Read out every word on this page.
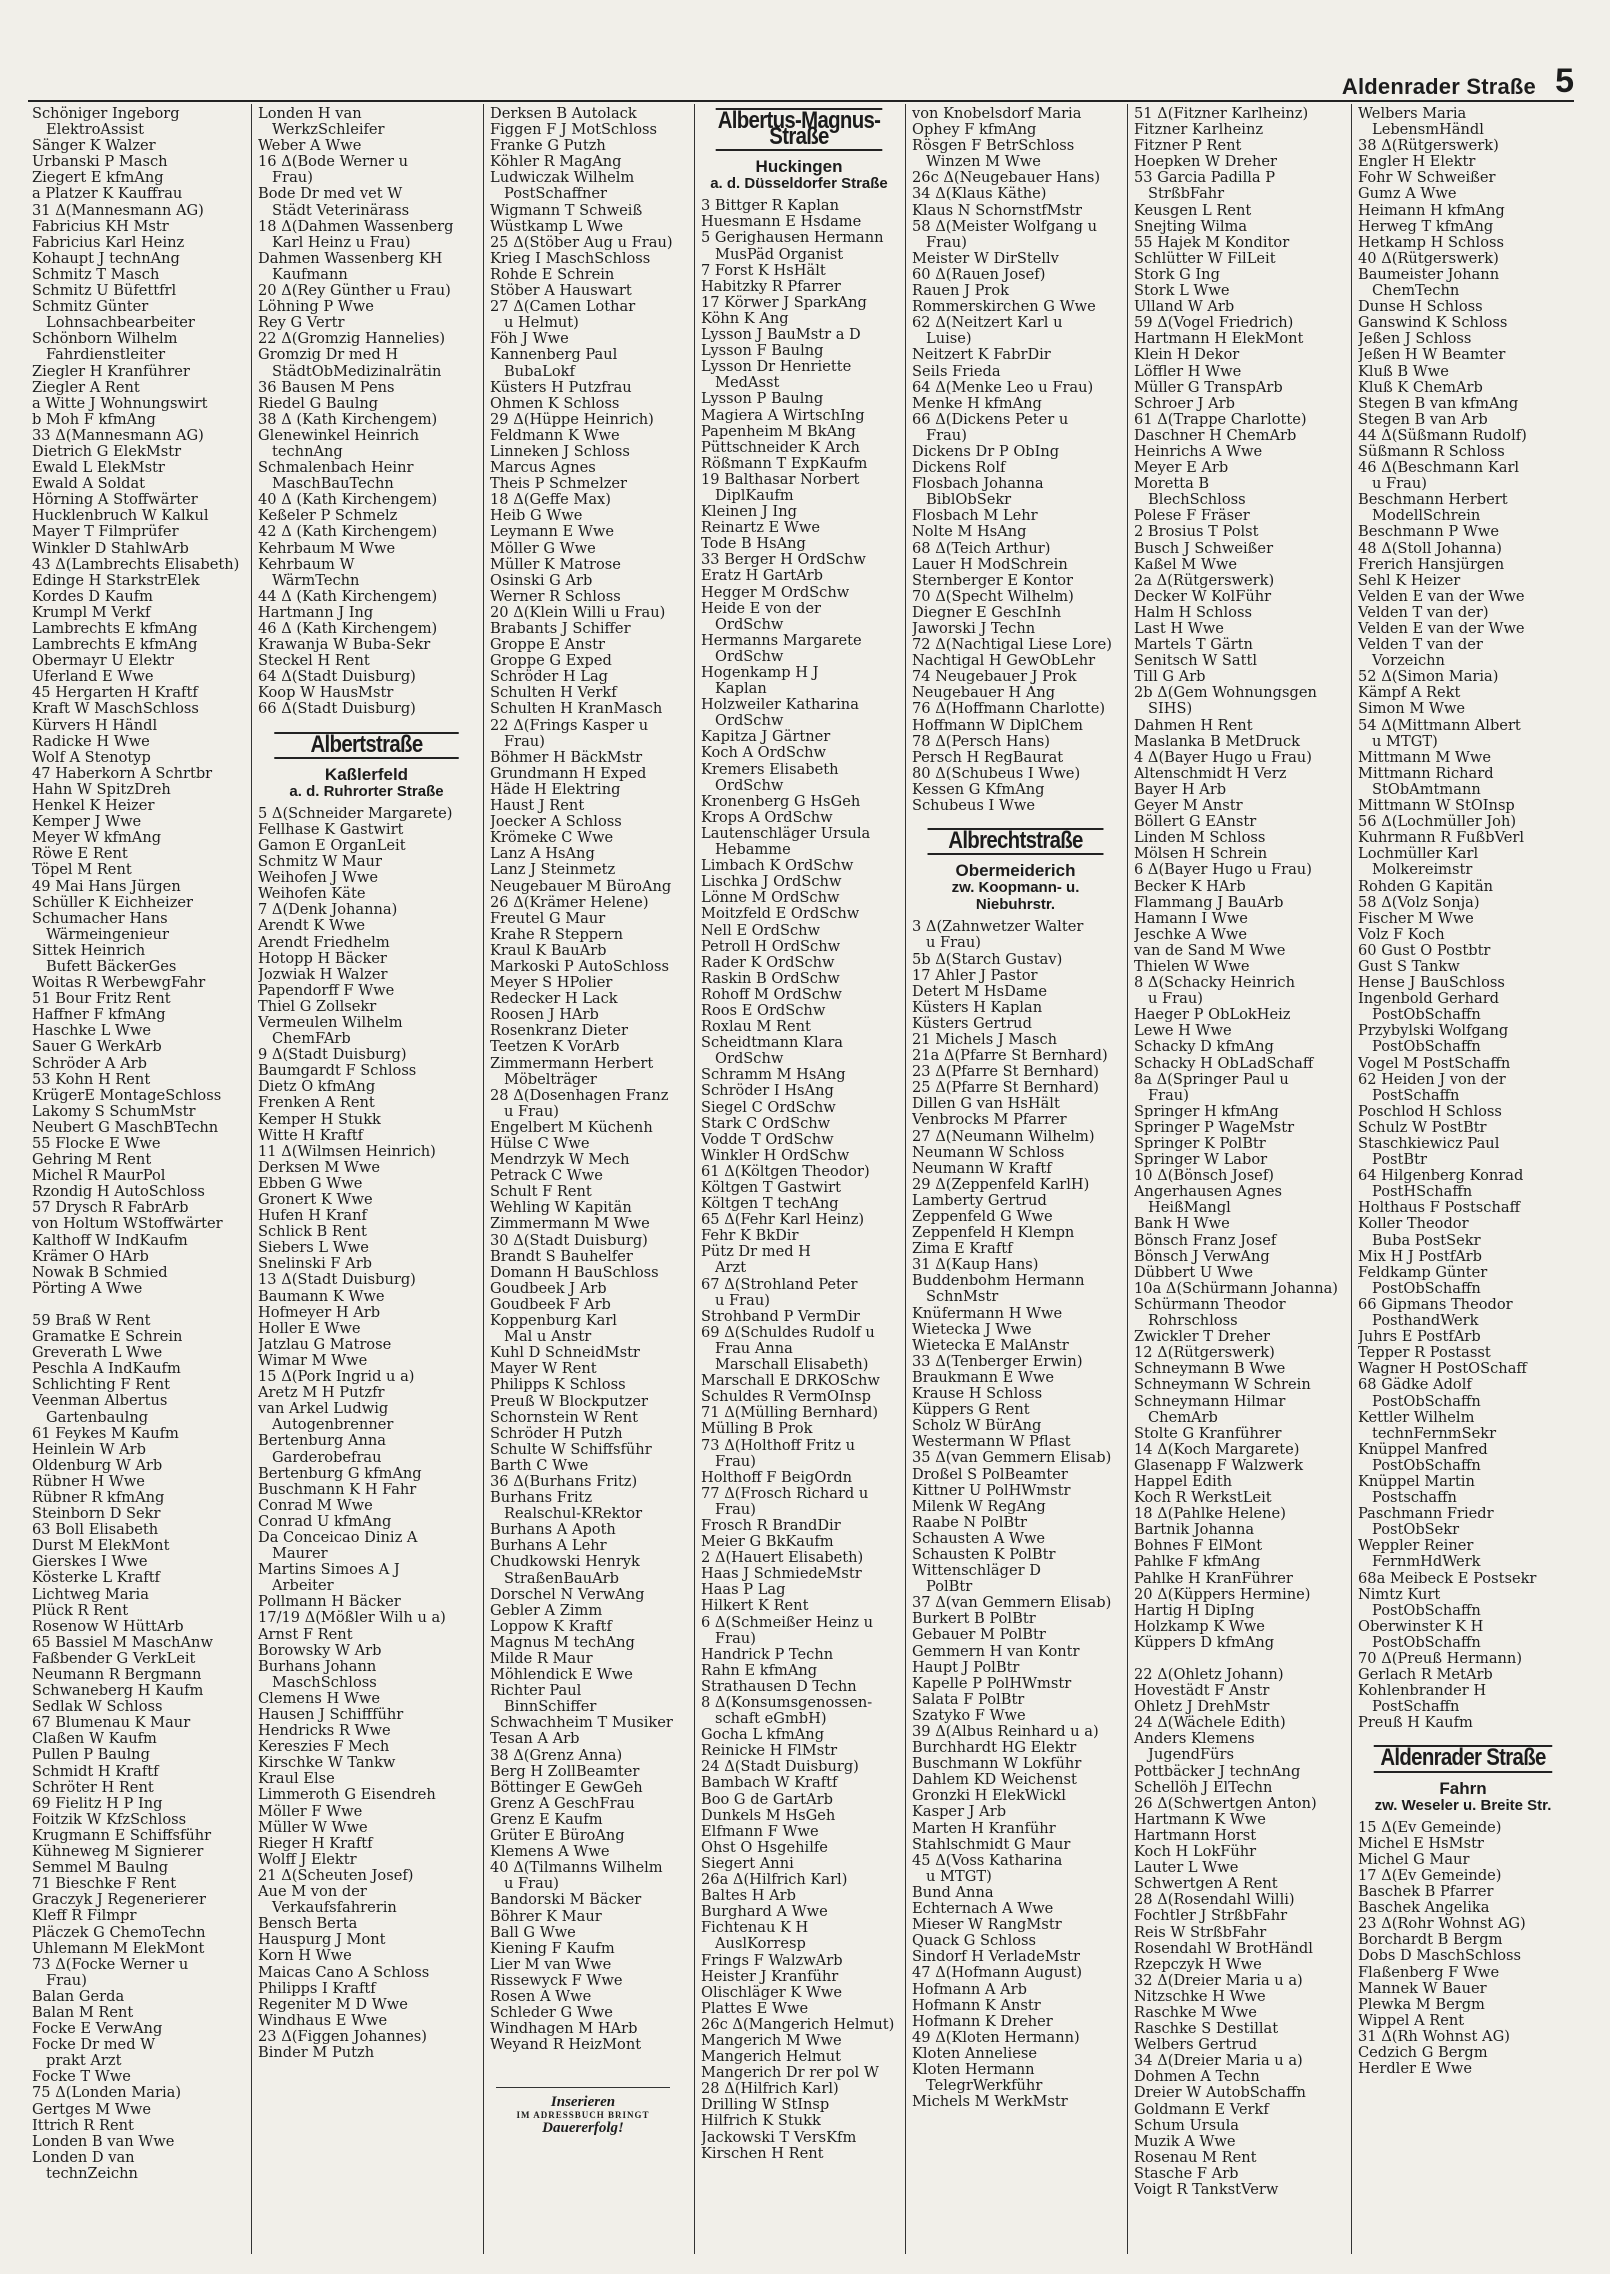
Aldenrader Straße 5
Schöniger Ingeborg
ElektroAssist
Sänger K Walzer
Urbanski P Masch
Ziegert E kfmAng
a Platzer K Kauffrau
31 Δ(Mannesmann AG)
Fabricius KH Mstr
Fabricius Karl Heinz
Kohaupt J technAng
Schmitz T Masch
Schmitz U Büfettfrl
Schmitz Günter
Lohnsachbearbeiter
Schönborn Wilhelm
Fahrdienstleiter
Ziegler H Kranführer
Ziegler A Rent
a Witte J Wohnungswirt
b Moh F kfmAng
33 Δ(Mannesmann AG)
Dietrich G ElekMstr
Ewald L ElekMstr
Ewald A Soldat
Hörning A Stoffwärter
Hucklenbruch W Kalkul
Mayer T Filmprüfer
Winkler D StahlwArb
43 Δ(Lambrechts Elisabeth)
Edinge H StarkstrElek
Kordes D Kaufm
Krumpl M Verkf
Lambrechts E kfmAng
Lambrechts E kfmAng
Obermayr U Elektr
Uferland E Wwe
45 Hergarten H Kraftf
Kraft W MaschSchloss
Kürvers H Händl
Radicke H Wwe
Wolf A Stenotyp
47 Haberkorn A Schrtbr
Hahn W SpitzDreh
Henkel K Heizer
Kemper J Wwe
Meyer W kfmAng
Röwe E Rent
Töpel M Rent
49 Mai Hans Jürgen
Schüller K Eichheizer
Schumacher Hans
Wärmeingenieur
Sittek Heinrich
Bufett BäckerGes
Woitas R WerbewgFahr
51 Bour Fritz Rent
Haffner F kfmAng
Haschke L Wwe
Sauer G WerkArb
Schröder A Arb
53 Kohn H Rent
KrügerE MontageSchloss
Lakomy S SchumMstr
Neubert G MaschBTechn
55 Flocke E Wwe
Gehring M Rent
Michel R MaurPol
Rzondig H AutoSchloss
57 Drysch R FabrArb
von Holtum WStoffwärter
Kalthoff W IndKaufm
Krämer O HArb
Nowak B Schmied
Pörting A Wwe
59 Braß W Rent
Gramatke E Schrein
Greverath L Wwe
Peschla A IndKaufm
Schlichting F Rent
Veenman Albertus
Gartenbaulng
61 Feykes M Kaufm
Heinlein W Arb
Oldenburg W Arb
Rübner H Wwe
Rübner R kfmAng
Steinborn D Sekr
63 Boll Elisabeth
Durst M ElekMont
Gierskes I Wwe
Kösterke L Kraftf
Lichtweg Maria
Plück R Rent
Rosenow W HüttArb
65 Bassiel M MaschAnw
Faßbender G VerkLeit
Neumann R Bergmann
Schwaneberg H Kaufm
Sedlak W Schloss
67 Blumenau K Maur
Claßen W Kaufm
Pullen P Baulng
Schmidt H Kraftf
Schröter H Rent
69 Fielitz H P Ing
Foitzik W KfzSchloss
Krugmann E Schiffsführ
Kühneweg M Signierer
Semmel M Baulng
71 Bieschke F Rent
Graczyk J Regenerierer
Kleff R Filmpr
Pläczek G ChemoTechn
Uhlemann M ElekMont
73 Δ(Focke Werner u
Frau)
Balan Gerda
Balan M Rent
Focke E VerwAng
Focke Dr med W
prakt Arzt
Focke T Wwe
75 Δ(Londen Maria)
Gertges M Wwe
Ittrich R Rent
Londen B van Wwe
Londen D van
technZeichn
Londen H van
WerkzSchleifer
Weber A Wwe
16 Δ(Bode Werner u
Frau)
Bode Dr med vet W
Städt Veterinärass
18 Δ(Dahmen Wassenberg
Karl Heinz u Frau)
Dahmen Wassenberg KH
Kaufmann
20 Δ(Rey Günther u Frau)
Löhning P Wwe
Rey G Vertr
22 Δ(Gromzig Hannelies)
Gromzig Dr med H
StädtObMedizinalrätin
36 Bausen M Pens
Riedel G Baulng
38 Δ (Kath Kirchengem)
Glenewinkel Heinrich
technAng
Schmalenbach Heinr
MaschBauTechn
40 Δ (Kath Kirchengem)
Keßeler P Schmelz
42 Δ (Kath Kirchengem)
Kehrbaum M Wwe
Kehrbaum W
WärmTechn
44 Δ (Kath Kirchengem)
Hartmann J Ing
46 Δ (Kath Kirchengem)
Krawanja W Buba-Sekr
Steckel H Rent
64 Δ(Stadt Duisburg)
Koop W HausMstr
66 Δ(Stadt Duisburg)
Albertstraße
Kaßlerfeld
a. d. Ruhrorter Straße
5 Δ(Schneider Margarete)
Fellhase K Gastwirt
Gamon E OrganLeit
Schmitz W Maur
Weihofen J Wwe
Weihofen Käte
7 Δ(Denk Johanna)
Arendt K Wwe
Arendt Friedhelm
Hotopp H Bäcker
Jozwiak H Walzer
Papendorff F Wwe
Thiel G Zollsekr
Vermeulen Wilhelm
ChemFArb
9 Δ(Stadt Duisburg)
Baumgardt F Schloss
Dietz O kfmAng
Frenken A Rent
Kemper H Stukk
Witte H Kraftf
11 Δ(Wilmsen Heinrich)
Derksen M Wwe
Ebben G Wwe
Gronert K Wwe
Hufen H Kranf
Schlick B Rent
Siebers L Wwe
Snelinski F Arb
13 Δ(Stadt Duisburg)
Baumann K Wwe
Hofmeyer H Arb
Holler E Wwe
Jatzlau G Matrose
Wimar M Wwe
15 Δ(Pork Ingrid u a)
Aretz M H Putzfr
van Arkel Ludwig
Autogenbrenner
Bertenburg Anna
Garderobefrau
Bertenburg G kfmAng
Buschmann K H Fahr
Conrad M Wwe
Conrad U kfmAng
Da Conceicao Diniz A
Maurer
Martins Simoes A J
Arbeiter
Pollmann H Bäcker
17/19 Δ(Mößler Wilh u a)
Arnst F Rent
Borowsky W Arb
Burhans Johann
MaschSchloss
Clemens H Wwe
Hausen J Schiffführ
Hendricks R Wwe
Kereszies F Mech
Kirschke W Tankw
Kraul Else
Limmeroth G Eisendreh
Möller F Wwe
Müller W Wwe
Rieger H Kraftf
Wolff J Elektr
21 Δ(Scheuten Josef)
Aue M von der
Verkaufsfahrerin
Bensch Berta
Hauspurg J Mont
Korn H Wwe
Maicas Cano A Schloss
Philipps I Kraftf
Regeniter M D Wwe
Windhaus E Wwe
23 Δ(Figgen Johannes)
Binder M Putzh
Derksen B Autolack
Figgen F J MotSchloss
Franke G Putzh
Köhler R MagAng
Ludwiczak Wilhelm
PostSchaffner
Wigmann T Schweiß
Wüstkamp L Wwe
25 Δ(Stöber Aug u Frau)
Krieg I MaschSchloss
Rohde E Schrein
Stöber A Hauswart
27 Δ(Camen Lothar
u Helmut)
Föh J Wwe
Kannenberg Paul
BubaLokf
Küsters H Putzfrau
Ohmen K Schloss
29 Δ(Hüppe Heinrich)
Feldmann K Wwe
Linneken J Schloss
Marcus Agnes
Theis P Schmelzer
18 Δ(Geffe Max)
Heib G Wwe
Leymann E Wwe
Möller G Wwe
Müller K Matrose
Osinski G Arb
Werner R Schloss
20 Δ(Klein Willi u Frau)
Brabants J Schiffer
Groppe E Anstr
Groppe G Exped
Schröder H Lag
Schulten H Verkf
Schulten H KranMasch
22 Δ(Frings Kasper u
Frau)
Böhmer H BäckMstr
Grundmann H Exped
Häde H Elektring
Haust J Rent
Joecker A Schloss
Krömeke C Wwe
Lanz A HsAng
Lanz J Steinmetz
Neugebauer M BüroAng
26 Δ(Krämer Helene)
Freutel G Maur
Krahe R Steppern
Kraul K BauArb
Markoski P AutoSchloss
Meyer S HPolier
Redecker H Lack
Roosen J HArb
Rosenkranz Dieter
Teetzen K VorArb
Zimmermann Herbert
Möbelträger
28 Δ(Dosenhagen Franz
u Frau)
Engelbert M Küchenh
Hülse C Wwe
Mendrzyk W Mech
Petrack C Wwe
Schult F Rent
Wehling W Kapitän
Zimmermann M Wwe
30 Δ(Stadt Duisburg)
Brandt S Bauhelfer
Domann H BauSchloss
Goudbeek J Arb
Goudbeek F Arb
Koppenburg Karl
Mal u Anstr
Kuhl D SchneidMstr
Mayer W Rent
Philipps K Schloss
Preuß W Blockputzer
Schornstein W Rent
Schröder H Putzh
Schulte W Schiffsführ
Barth C Wwe
36 Δ(Burhans Fritz)
Burhans Fritz
Realschul-KRektor
Burhans A Apoth
Burhans A Lehr
Chudkowski Henryk
StraßenBauArb
Dorschel N VerwAng
Gebler A Zimm
Loppow K Kraftf
Magnus M techAng
Milde R Maur
Möhlendick E Wwe
Richter Paul
BinnSchiffer
Schwachheim T Musiker
Tesan A Arb
38 Δ(Grenz Anna)
Berg H ZollBeamter
Böttinger E GewGeh
Grenz A GeschFrau
Grenz E Kaufm
Grüter E BüroAng
Klemens A Wwe
40 Δ(Tilmanns Wilhelm
u Frau)
Bandorski M Bäcker
Böhrer K Maur
Ball G Wwe
Kiening F Kaufm
Lier M van Wwe
Rissewyck F Wwe
Rosen A Wwe
Schleder G Wwe
Windhagen M HArb
Weyand R HeizMont
Inserieren
IM ADRESSBUCH BRINGT
Dauererfolg!
Albertus-Magnus-Straße
Huckingen
a. d. Düsseldorfer Straße
3 Bittger R Kaplan
Huesmann E Hsdame
5 Gerighausen Hermann
MusPäd Organist
7 Forst K HsHält
Habitzky R Pfarrer
17 Körwer J SparkAng
Köhn K Ang
Lysson J BauMstr a D
Lysson F Baulng
Lysson Dr Henriette
MedAsst
Lysson P Baulng
Magiera A WirtschIng
Papenheim M BkAng
Püttschneider K Arch
Rößmann T ExpKaufm
19 Balthasar Norbert
DiplKaufm
Kleinen J Ing
Reinartz E Wwe
Tode B HsAng
33 Berger H OrdSchw
Eratz H GartArb
Hegger M OrdSchw
Heide E von der
OrdSchw
Hermanns Margarete
OrdSchw
Hogenkamp H J
Kaplan
Holzweiler Katharina
OrdSchw
Kapitza J Gärtner
Koch A OrdSchw
Kremers Elisabeth
OrdSchw
Kronenberg G HsGeh
Krops A OrdSchw
Lautenschläger Ursula
Hebamme
Limbach K OrdSchw
Lischka J OrdSchw
Lönne M OrdSchw
Moitzfeld E OrdSchw
Nell E OrdSchw
Petroll H OrdSchw
Rader K OrdSchw
Raskin B OrdSchw
Rohoff M OrdSchw
Roos E OrdSchw
Roxlau M Rent
Scheidtmann Klara
OrdSchw
Schramm M HsAng
Schröder I HsAng
Siegel C OrdSchw
Stark C OrdSchw
Vodde T OrdSchw
Winkler H OrdSchw
61 Δ(Költgen Theodor)
Költgen T Gastwirt
Költgen T techAng
65 Δ(Fehr Karl Heinz)
Fehr K BkDir
Pütz Dr med H
Arzt
67 Δ(Strohland Peter
u Frau)
Strohband P VermDir
69 Δ(Schuldes Rudolf u
Frau Anna
Marschall Elisabeth)
Marschall E DRKOSchw
Schuldes R VermOInsp
71 Δ(Mülling Bernhard)
Mülling B Prok
73 Δ(Holthoff Fritz u
Frau)
Holthoff F BeigOrdn
77 Δ(Frosch Richard u
Frau)
Frosch R BrandDir
Meier G BkKaufm
2 Δ(Hauert Elisabeth)
Haas J SchmiedeMstr
Haas P Lag
Hilkert K Rent
6 Δ(Schmeißer Heinz u
Frau)
Handrick P Techn
Rahn E kfmAng
Strathausen D Techn
8 Δ(Konsumsgenossen-
schaft eGmbH)
Gocha L kfmAng
Reinicke H FlMstr
24 Δ(Stadt Duisburg)
Bambach W Kraftf
Boo G de GartArb
Dunkels M HsGeh
Elfmann F Wwe
Ohst O Hsgehilfe
Siegert Anni
26a Δ(Hilfrich Karl)
Baltes H Arb
Burghard A Wwe
Fichtenau K H
AuslKorresp
Frings F WalzwArb
Heister J Kranführ
Olischläger K Wwe
Plattes E Wwe
26c Δ(Mangerich Helmut)
Mangerich M Wwe
Mangerich Helmut
Mangerich Dr rer pol W
28 Δ(Hilfrich Karl)
Drilling W StInsp
Hilfrich K Stukk
Jackowski T VersKfm
Kirschen H Rent
von Knobelsdorf Maria
Ophey F kfmAng
Rösgen F BetrSchloss
Winzen M Wwe
26c Δ(Neugebauer Hans)
34 Δ(Klaus Käthe)
Klaus N SchornstfMstr
58 Δ(Meister Wolfgang u
Frau)
Meister W DirStellv
60 Δ(Rauen Josef)
Rauen J Prok
Rommerskirchen G Wwe
62 Δ(Neitzert Karl u
Luise)
Neitzert K FabrDir
Seils Frieda
64 Δ(Menke Leo u Frau)
Menke H kfmAng
66 Δ(Dickens Peter u
Frau)
Dickens Dr P ObIng
Dickens Rolf
Flosbach Johanna
BiblObSekr
Flosbach M Lehr
Nolte M HsAng
68 Δ(Teich Arthur)
Lauer H ModSchrein
Sternberger E Kontor
70 Δ(Specht Wilhelm)
Diegner E GeschInh
Jaworski J Techn
72 Δ(Nachtigal Liese Lore)
Nachtigal H GewObLehr
74 Neugebauer J Prok
Neugebauer H Ang
76 Δ(Hoffmann Charlotte)
Hoffmann W DiplChem
78 Δ(Persch Hans)
Persch H RegBaurat
80 Δ(Schubeus I Wwe)
Kessen G KfmAng
Schubeus I Wwe
Albrechtstraße
Obermeiderich
zw. Koopmann- u. Niebuhrstr.
3 Δ(Zahnwetzer Walter
u Frau)
5b Δ(Starch Gustav)
17 Ahler J Pastor
Detert M HsDame
Küsters H Kaplan
Küsters Gertrud
21 Michels J Masch
21a Δ(Pfarre St Bernhard)
23 Δ(Pfarre St Bernhard)
25 Δ(Pfarre St Bernhard)
Dillen G van HsHält
Venbrocks M Pfarrer
27 Δ(Neumann Wilhelm)
Neumann W Schloss
Neumann W Kraftf
29 Δ(Zeppenfeld KarlH)
Lamberty Gertrud
Zeppenfeld G Wwe
Zeppenfeld H Klempn
Zima E Kraftf
31 Δ(Kaup Hans)
Buddenbohm Hermann
SchnMstr
Knüfermann H Wwe
Wietecka J Wwe
Wietecka E MalAnstr
33 Δ(Tenberger Erwin)
Braukmann E Wwe
Krause H Schloss
Küppers G Rent
Scholz W BürAng
Westermann W Pflast
35 Δ(van Gemmern Elisab)
Droßel S PolBeamter
Kittner U PolHWmstr
Milenk W RegAng
Raabe N PolBtr
Schausten A Wwe
Schausten K PolBtr
Wittenschläger D
PolBtr
37 Δ(van Gemmern Elisab)
Burkert B PolBtr
Gebauer M PolBtr
Gemmern H van Kontr
Haupt J PolBtr
Kapelle P PolHWmstr
Salata F PolBtr
Szatyko F Wwe
39 Δ(Albus Reinhard u a)
Burchhardt HG Elektr
Buschmann W Lokführ
Dahlem KD Weichenst
Gronzki H ElekWickl
Kasper J Arb
Marten H Kranführ
Stahlschmidt G Maur
45 Δ(Voss Katharina
u MTGT)
Bund Anna
Echternach A Wwe
Mieser W RangMstr
Quack G Schloss
Sindorf H VerladeMstr
47 Δ(Hofmann August)
Hofmann A Arb
Hofmann K Anstr
Hofmann K Dreher
49 Δ(Kloten Hermann)
Kloten Anneliese
Kloten Hermann
TelegrWerkführ
Michels M WerkMstr
51 Δ(Fitzner Karlheinz)
Fitzner Karlheinz
Fitzner P Rent
Hoepken W Dreher
53 Garcia Padilla P
StrßbFahr
Keusgen L Rent
Snejting Wilma
55 Hajek M Konditor
Schlütter W FilLeit
Stork G Ing
Stork L Wwe
Ulland W Arb
59 Δ(Vogel Friedrich)
Hartmann H ElekMont
Klein H Dekor
Löffler H Wwe
Müller G TranspArb
Schroer J Arb
61 Δ(Trappe Charlotte)
Daschner H ChemArb
Heinrichs A Wwe
Meyer E Arb
Moretta B
BlechSchloss
Polese F Fräser
2 Brosius T Polst
Busch J Schweißer
Kaßel M Wwe
2a Δ(Rütgerswerk)
Decker W KolFühr
Halm H Schloss
Last H Wwe
Martels T Gärtn
Senitsch W Sattl
Till G Arb
2b Δ(Gem Wohnungsgen
SIHS)
Dahmen H Rent
Maslanka B MetDruck
4 Δ(Bayer Hugo u Frau)
Altenschmidt H Verz
Bayer H Arb
Geyer M Anstr
Böllert G EAnstr
Linden M Schloss
Mölsen H Schrein
6 Δ(Bayer Hugo u Frau)
Becker K HArb
Flammang J BauArb
Hamann I Wwe
Jeschke A Wwe
van de Sand M Wwe
Thielen W Wwe
8 Δ(Schacky Heinrich
u Frau)
Haeger P ObLokHeiz
Lewe H Wwe
Schacky D kfmAng
Schacky H ObLadSchaff
8a Δ(Springer Paul u
Frau)
Springer H kfmAng
Springer P WageMstr
Springer K PolBtr
Springer W Labor
10 Δ(Bönsch Josef)
Angerhausen Agnes
HeißMangl
Bank H Wwe
Bönsch Franz Josef
Bönsch J VerwAng
Dübbert U Wwe
10a Δ(Schürmann Johanna)
Schürmann Theodor
Rohrschloss
Zwickler T Dreher
12 Δ(Rütgerswerk)
Schneymann B Wwe
Schneymann W Schrein
Schneymann Hilmar
ChemArb
Stolte G Kranführer
14 Δ(Koch Margarete)
Glasenapp F Walzwerk
Happel Edith
Koch R WerkstLeit
18 Δ(Pahlke Helene)
Bartnik Johanna
Bohnes F ElMont
Pahlke F kfmAng
Pahlke H KranFührer
20 Δ(Küppers Hermine)
Hartig H DipIng
Holzkamp K Wwe
Küppers D kfmAng
22 Δ(Ohletz Johann)
Hovestädt F Anstr
Ohletz J DrehMstr
24 Δ(Wächele Edith)
Anders Klemens
JugendFürs
Pottbäcker J technAng
Schellöh J ElTechn
26 Δ(Schwertgen Anton)
Hartmann K Wwe
Hartmann Horst
Koch H LokFühr
Lauter L Wwe
Schwertgen A Rent
28 Δ(Rosendahl Willi)
Fochtler J StrßbFahr
Reis W StrßbFahr
Rosendahl W BrotHändl
Rzepczyk H Wwe
32 Δ(Dreier Maria u a)
Nitzschke H Wwe
Raschke M Wwe
Raschke S Destillat
Welbers Gertrud
34 Δ(Dreier Maria u a)
Dohmen A Techn
Dreier W AutobSchaffn
Goldmann E Verkf
Schum Ursula
Muzik A Wwe
Rosenau M Rent
Stasche F Arb
Voigt R TankstVerw
Welbers Maria
LebensmHändl
38 Δ(Rütgerswerk)
Engler H Elektr
Fohr W Schweißer
Gumz A Wwe
Heimann H kfmAng
Herweg T kfmAng
Hetkamp H Schloss
40 Δ(Rütgerswerk)
Baumeister Johann
ChemTechn
Dunse H Schloss
Ganswind K Schloss
Jeßen J Schloss
Jeßen H W Beamter
Kluß B Wwe
Kluß K ChemArb
Stegen B van kfmAng
Stegen B van Arb
44 Δ(Süßmann Rudolf)
Süßmann R Schloss
46 Δ(Beschmann Karl
u Frau)
Beschmann Herbert
ModellSchrein
Beschmann P Wwe
48 Δ(Stoll Johanna)
Frerich Hansjürgen
Sehl K Heizer
Velden E van der Wwe
Velden T van der)
Velden E van der Wwe
Velden T van der
Vorzeichn
52 Δ(Simon Maria)
Kämpf A Rekt
Simon M Wwe
54 Δ(Mittmann Albert
u MTGT)
Mittmann M Wwe
Mittmann Richard
StObAmtmann
Mittmann W StOInsp
56 Δ(Lochmüller Joh)
Kuhrmann R FußbVerl
Lochmüller Karl
Molkereimstr
Rohden G Kapitän
58 Δ(Volz Sonja)
Fischer M Wwe
Volz F Koch
60 Gust O Postbtr
Gust S Tankw
Hense J BauSchloss
Ingenbold Gerhard
PostObSchaffn
Przybylski Wolfgang
PostObSchaffn
Vogel M PostSchaffn
62 Heiden J von der
PostSchaffn
Poschlod H Schloss
Schulz W PostBtr
Staschkiewicz Paul
PostBtr
64 Hilgenberg Konrad
PostHSchaffn
Holthaus F Postschaff
Koller Theodor
Buba PostSekr
Mix H J PostfArb
Feldkamp Günter
PostObSchaffn
66 Gipmans Theodor
PosthandWerk
Juhrs E PostfArb
Tepper R Postasst
Wagner H PostOSchaff
68 Gädke Adolf
PostObSchaffn
Kettler Wilhelm
technFernmSekr
Knüppel Manfred
PostObSchaffn
Knüppel Martin
Postschaffn
Paschmann Friedr
PostObSekr
Weppler Reiner
FernmHdWerk
68a Meibeck E Postsekr
Nimtz Kurt
PostObSchaffn
Oberwinster K H
PostObSchaffn
70 Δ(Preuß Hermann)
Gerlach R MetArb
Kohlenbrander H
PostSchaffn
Preuß H Kaufm
Aldenrader Straße
Fahrn
zw. Weseler u. Breite Str.
15 Δ(Ev Gemeinde)
Michel E HsMstr
Michel G Maur
17 Δ(Ev Gemeinde)
Baschek B Pfarrer
Baschek Angelika
23 Δ(Rohr Wohnst AG)
Borchardt B Bergm
Dobs D MaschSchloss
Flaßenberg F Wwe
Mannek W Bauer
Plewka M Bergm
Wippel A Rent
31 Δ(Rh Wohnst AG)
Cedzich G Bergm
Herdler E Wwe
